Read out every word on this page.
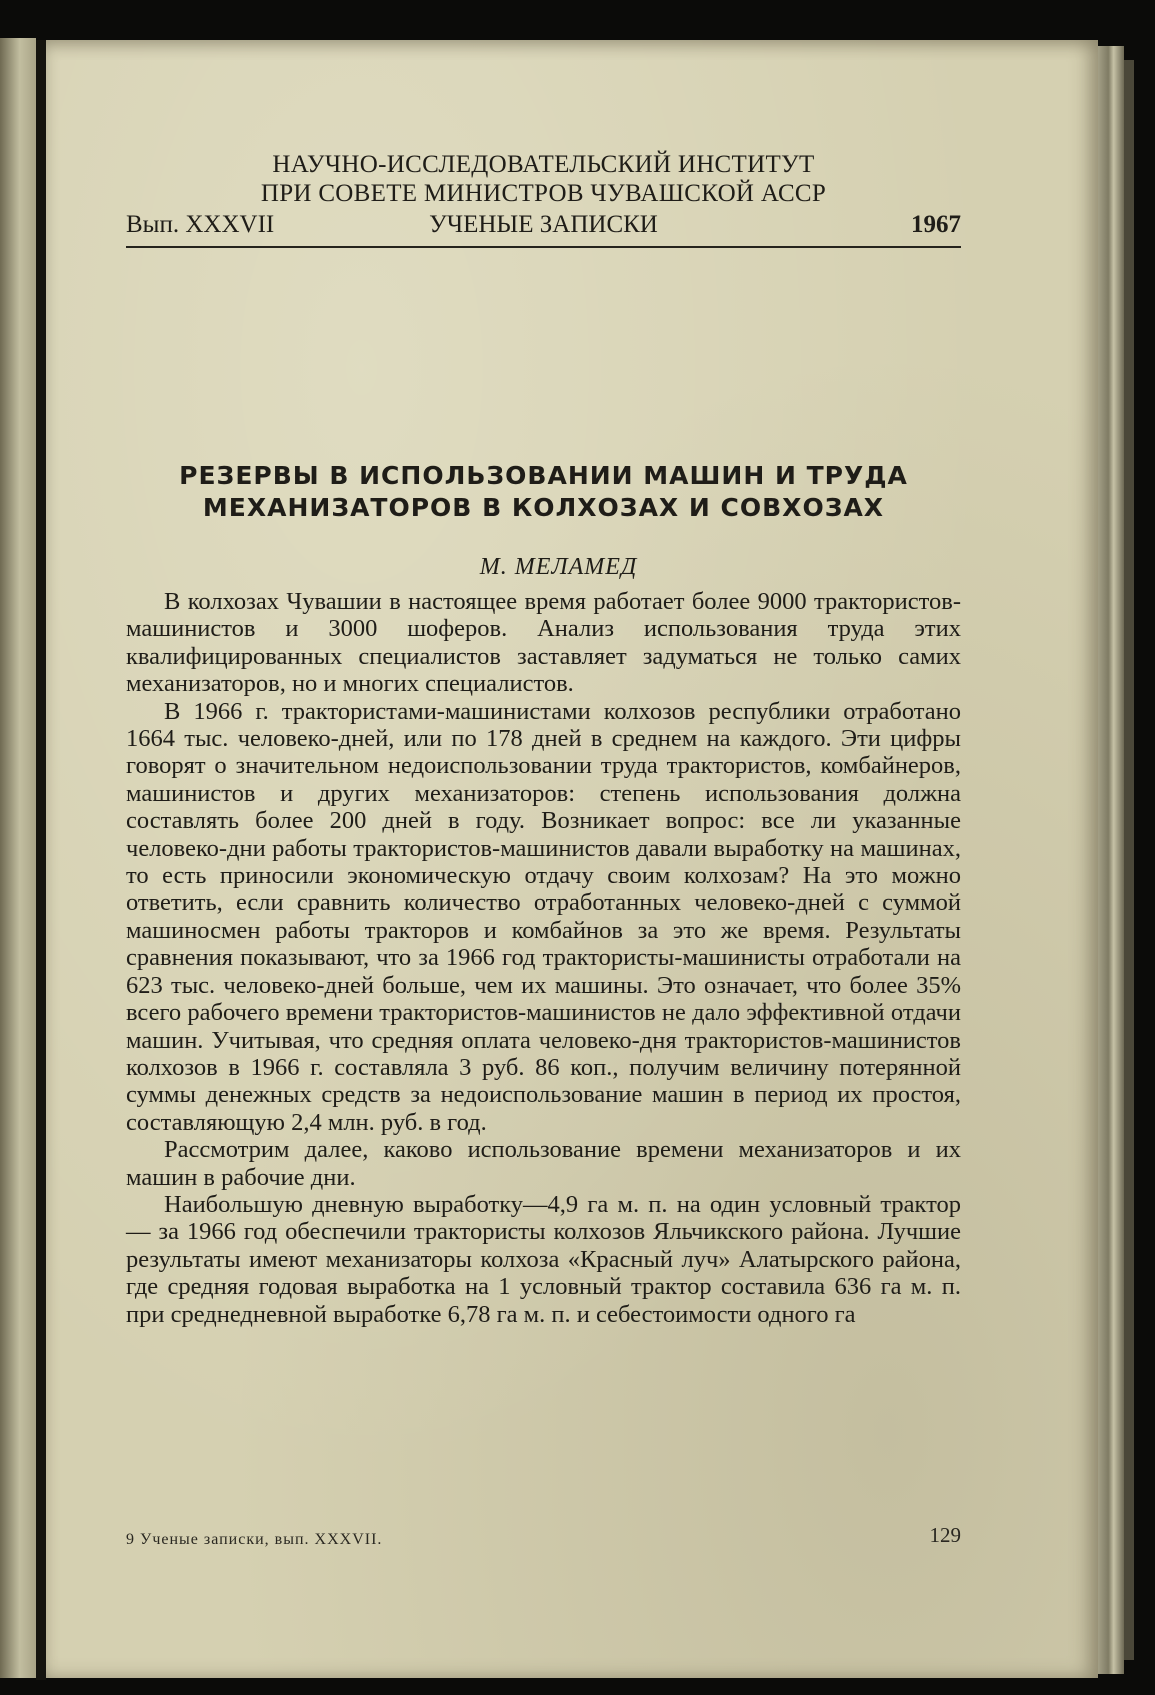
НАУЧНО-ИССЛЕДОВАТЕЛЬСКИЙ ИНСТИТУТ
ПРИ СОВЕТЕ МИНИСТРОВ ЧУВАШСКОЙ АССР
Вып. XXXVII	УЧЕНЫЕ ЗАПИСКИ	1967
РЕЗЕРВЫ В ИСПОЛЬЗОВАНИИ МАШИН И ТРУДА
МЕХАНИЗАТОРОВ В КОЛХОЗАХ И СОВХОЗАХ
М. МЕЛАМЕД

В колхозах Чувашии в настоящее время работает более 9000 трактористов-машинистов и 3000 шоферов. Анализ использования труда этих квалифицированных специалистов заставляет задуматься не только самих механизаторов, но и многих специалистов.

В 1966 г. трактористами-машинистами колхозов республики отработано 1664 тыс. человеко-дней, или по 178 дней в среднем на каждого. Эти цифры говорят о значительном недоиспользовании труда трактористов, комбайнеров, машинистов и других механизаторов: степень использования должна составлять более 200 дней в году. Возникает вопрос: все ли указанные человеко-дни работы трактористов-машинистов давали выработку на машинах, то есть приносили экономическую отдачу своим колхозам? На это можно ответить, если сравнить количество отработанных человеко-дней с суммой машиносмен работы тракторов и комбайнов за это же время. Результаты сравнения показывают, что за 1966 год трактористы-машинисты отработали на 623 тыс. человеко-дней больше, чем их машины. Это означает, что более 35% всего рабочего времени трактористов-машинистов не дало эффективной отдачи машин. Учитывая, что средняя оплата человеко-дня трактористов-машинистов колхозов в 1966 г. составляла 3 руб. 86 коп., получим величину потерянной суммы денежных средств за недоиспользование машин в период их простоя, составляющую 2,4 млн. руб. в год.

Рассмотрим далее, каково использование времени механизаторов и их машин в рабочие дни.

Наибольшую дневную выработку—4,9 га м. п. на один условный трактор — за 1966 год обеспечили трактористы колхозов Яльчикского района. Лучшие результаты имеют механизаторы колхоза «Красный луч» Алатырского района, где средняя годовая выработка на 1 условный трактор составила 636 га м. п. при среднедневной выработке 6,78 га м. п. и себестоимости одного га

9 Ученые записки, вып. XXXVII.	129
